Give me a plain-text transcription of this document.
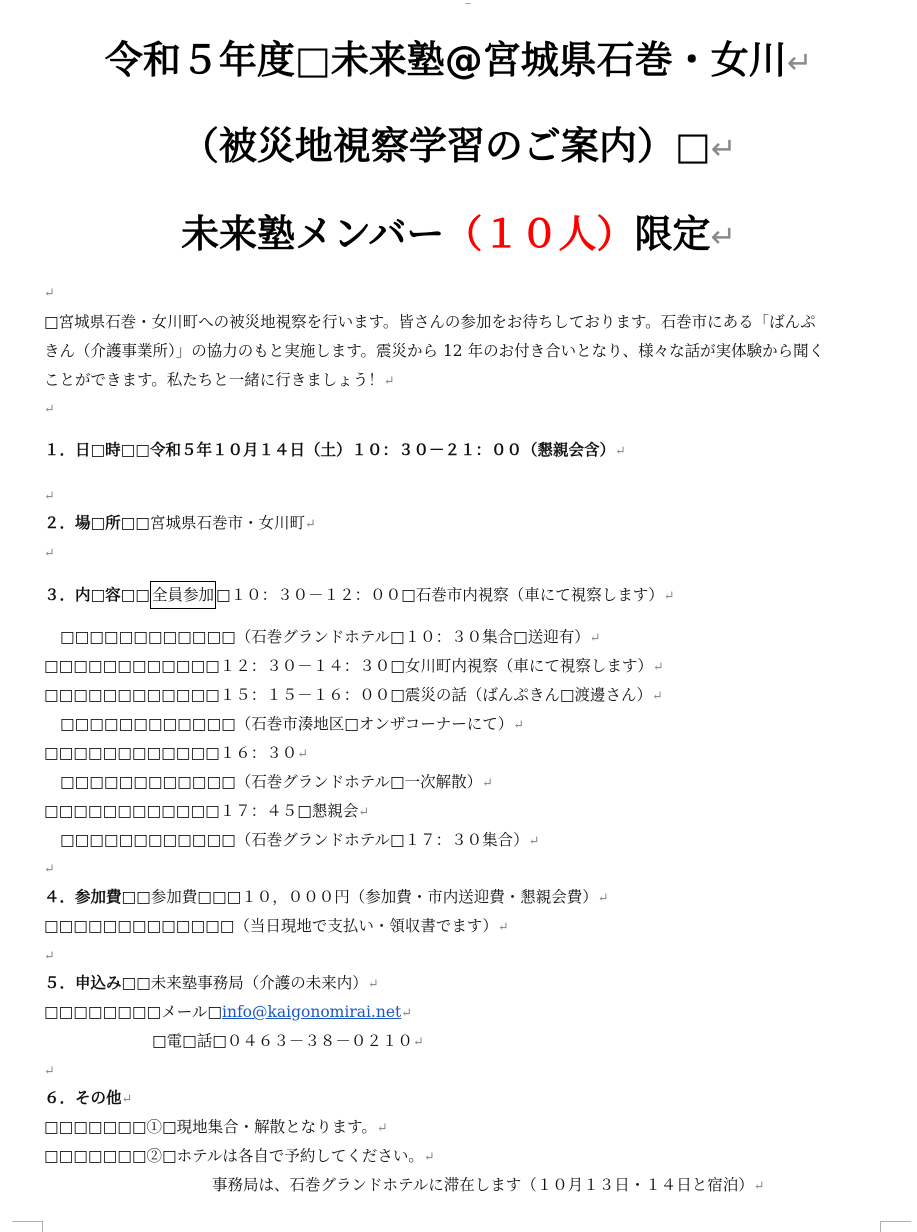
令和５年度□未来塾@宮城県石巻・女川↵
（被災地視察学習のご案内）□↵
未来塾メンバー（１０人）限定↵
↵
□宮城県石巻・女川町への被災地視察を行います。皆さんの参加をお待ちしております。石巻市にある「ばんぷ
きん（介護事業所）」の協力のもと実施します。震災から 12 年のお付き合いとなり、様々な話が実体験から聞く
ことができます。私たちと一緒に行きましょう！↵
↵
１．日□時□□令和５年１０月１４日（土）１０：３０－２１：００（懇親会含）↵
↵
２．場□所□□宮城県石巻市・女川町↵
↵
３．内□容□□ 全員参加 □１０：３０－１２：００□石巻市内視察（車にて視察します）↵
□□□□□□□□□□□□（石巻グランドホテル□１０：３０集合□送迎有）↵
□□□□□□□□□□□□１２：３０－１４：３０□女川町内視察（車にて視察します）↵
□□□□□□□□□□□□１５：１５－１６：００□震災の話（ばんぷきん□渡邊さん）↵
□□□□□□□□□□□□（石巻市湊地区□オンザコーナーにて）↵
□□□□□□□□□□□□１６：３０↵
□□□□□□□□□□□□（石巻グランドホテル□一次解散）↵
□□□□□□□□□□□□１７：４５□懇親会↵
□□□□□□□□□□□□（石巻グランドホテル□１７：３０集合）↵
↵
４．参加費□□参加費□□□１０，０００円（参加費・市内送迎費・懇親会費）↵
□□□□□□□□□□□□□（当日現地で支払い・領収書でます）↵
↵
５．申込み□□未来塾事務局（介護の未来内）↵
□□□□□□□□メール□info@kaigonomirai.net↵
□電□話□０４６３－３８－０２１０↵
↵
６．その他↵
□□□□□□□①□現地集合・解散となります。↵
□□□□□□□②□ホテルは各自で予約してください。↵
事務局は、石巻グランドホテルに滞在します（１０月１３日・１４日と宿泊）↵
